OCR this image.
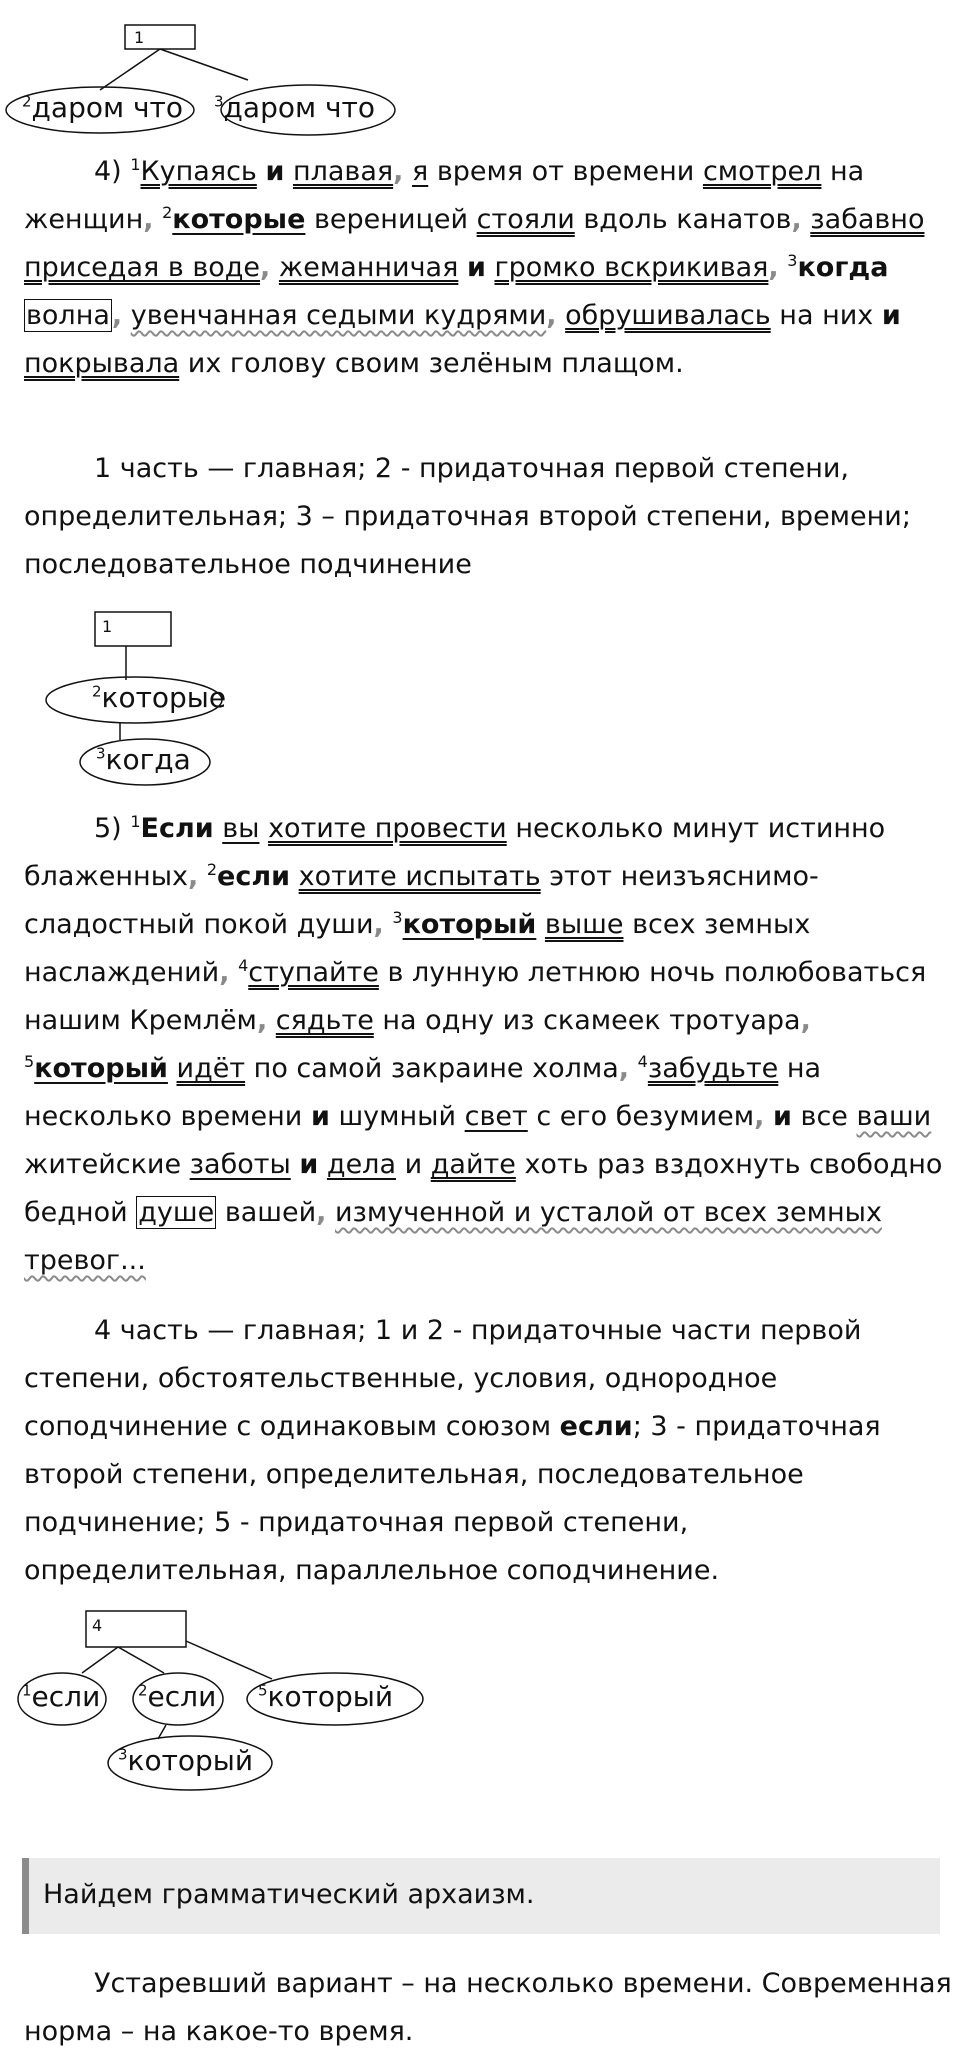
1
$^2$даром что $^3$даром что

4) $^1$Купаясь и плавая, я время от времени смотрел на женщин, $^2$которые вереницей стояли вдоль канатов, забавно приседая в воде, жеманничая и громко вскрикивая, $^3$когда волна, увенчанная седыми кудрями, обрушивалась на них и покрывала их голову своим зелёным плащом.

1 часть — главная; 2 - придаточная первой степени, определительная; 3 – придаточная второй степени, времени; последовательное подчинение

1
$^2$которые
$^3$когда

5) $^1$Если вы хотите провести несколько минут истинно блаженных, $^2$если хотите испытать этот неизъяснимо-сладостный покой души, $^3$который выше всех земных наслаждений, $^4$ступайте в лунную летнюю ночь полюбоваться нашим Кремлём, сядьте на одну из скамеек тротуара, $^5$который идёт по самой закраине холма, $^4$забудьте на несколько времени и шумный свет с его безумием, и все ваши житейские заботы и дела и дайте хоть раз вздохнуть свободно бедной душе вашей, измученной и усталой от всех земных тревог...

4 часть — главная; 1 и 2 - придаточные части первой степени, обстоятельственные, условия, однородное соподчинение с одинаковым союзом если; 3 - придаточная второй степени, определительная, последовательное подчинение; 5 - придаточная первой степени, определительная, параллельное соподчинение.

4
$^1$если	$^2$если	$^5$который
$^3$который
Найдем грамматический архаизм.

Устаревший вариант – на несколько времени. Современная норма – на какое-то время.
